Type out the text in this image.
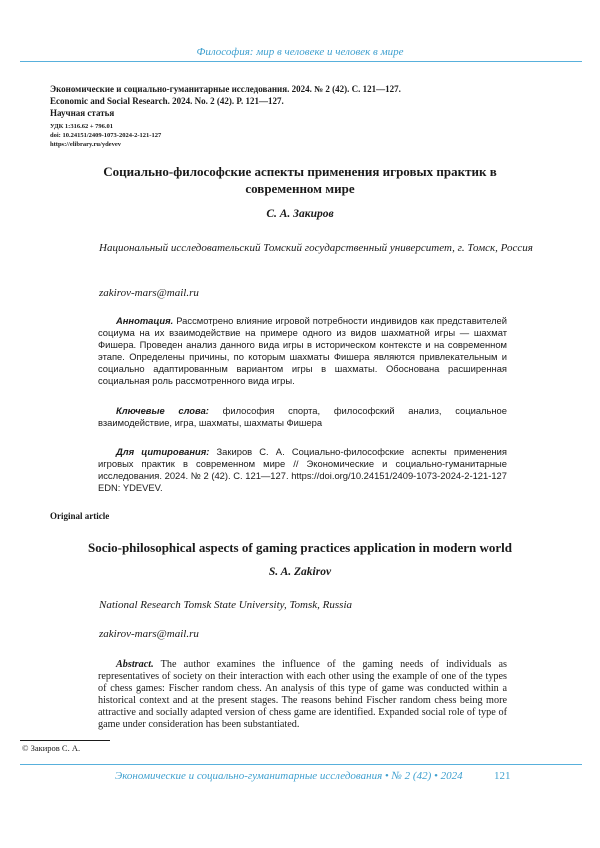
Философия: мир в человеке и человек в мире
Экономические и социально-гуманитарные исследования. 2024. № 2 (42). С. 121—127.
Economic and Social Research. 2024. No. 2 (42). P. 121—127.
Научная статья
УДК 1:316.62 + 796.01
doi: 10.24151/2409-1073-2024-2-121-127
https://elibrary.ru/ydevev
Социально-философские аспекты применения игровых практик в современном мире
С. А. Закиров
Национальный исследовательский Томский государственный университет, г. Томск, Россия
zakirov-mars@mail.ru
Аннотация. Рассмотрено влияние игровой потребности индивидов как представителей социума на их взаимодействие на примере одного из видов шахматной игры — шахмат Фишера. Проведен анализ данного вида игры в историческом контексте и на современном этапе. Определены причины, по которым шахматы Фишера являются привлекательным и социально адаптированным вариантом игры в шахматы. Обоснована расширенная социальная роль рассмотренного вида игры.
Ключевые слова: философия спорта, философский анализ, социальное взаимодействие, игра, шахматы, шахматы Фишера
Для цитирования: Закиров С. А. Социально-философские аспекты применения игровых практик в современном мире // Экономические и социально-гуманитарные исследования. 2024. № 2 (42). С. 121—127. https://doi.org/10.24151/2409-1073-2024-2-121-127 EDN: YDEVEV.
Original article
Socio-philosophical aspects of gaming practices application in modern world
S. A. Zakirov
National Research Tomsk State University, Tomsk, Russia
zakirov-mars@mail.ru
Abstract. The author examines the influence of the gaming needs of individuals as representatives of society on their interaction with each other using the example of one of the types of chess games: Fischer random chess. An analysis of this type of game was conducted within a historical context and at the present stages. The reasons behind Fischer random chess being more attractive and socially adapted version of chess game are identified. Expanded social role of type of game under consideration has been substantiated.
© Закиров С. А.
Экономические и социально-гуманитарные исследования • № 2 (42) • 2024	121
